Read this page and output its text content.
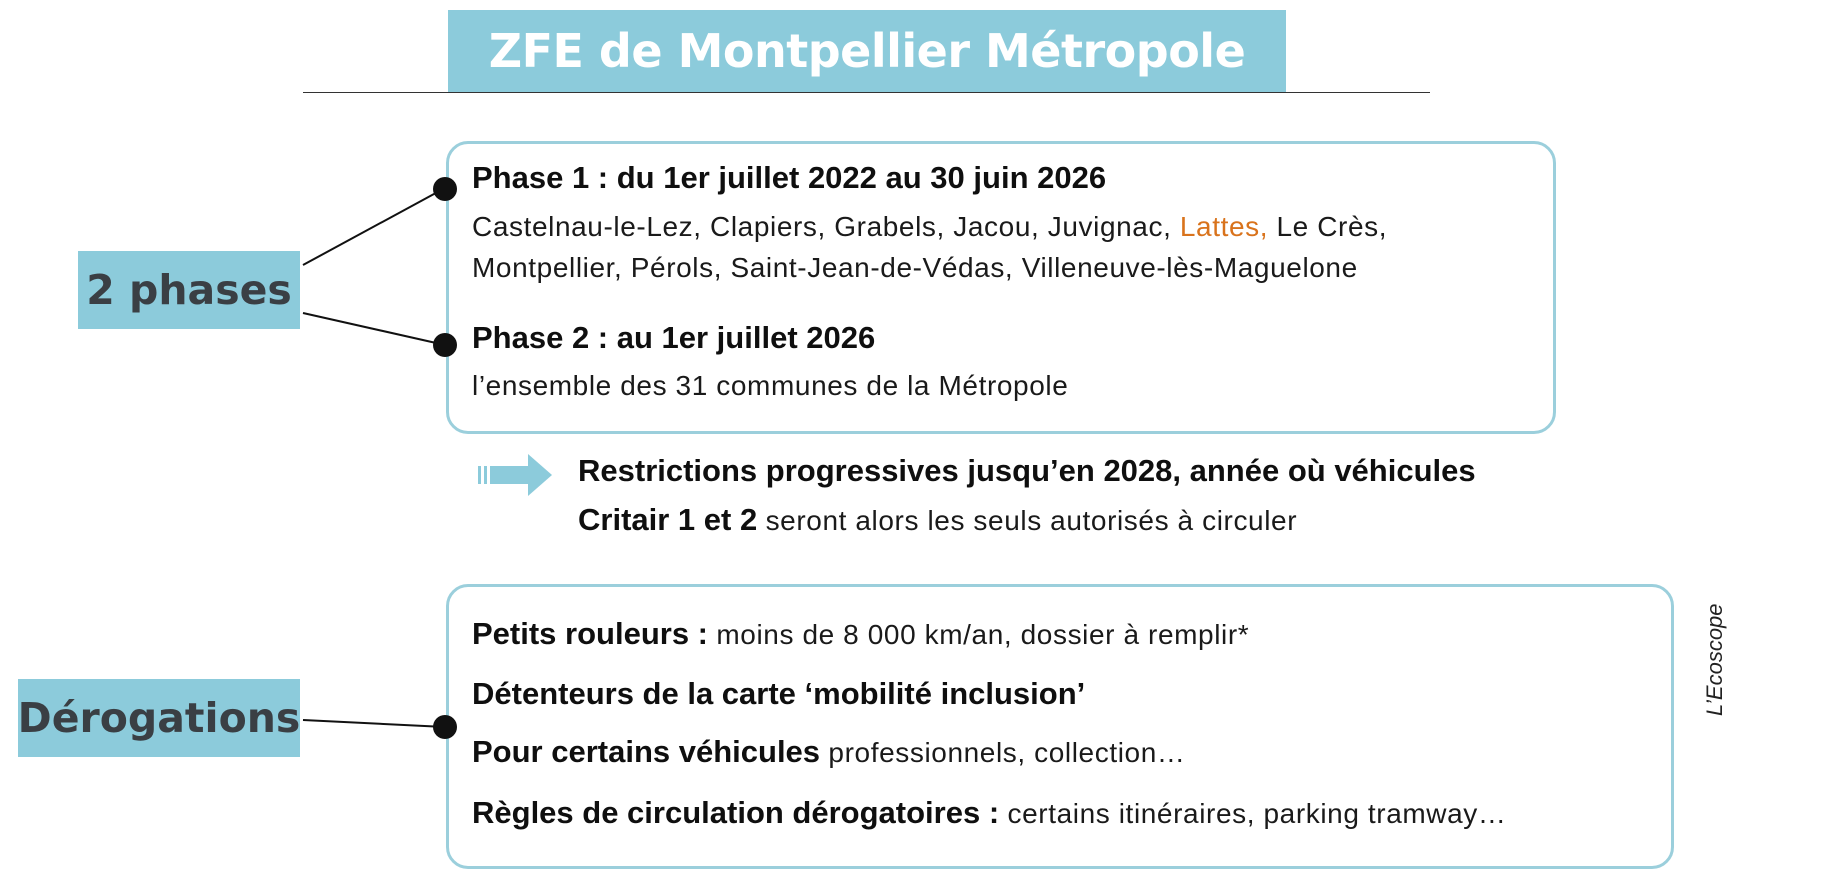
ZFE de Montpellier Métropole
2 phases
Dérogations
Phase 1 : du 1er juillet 2022 au 30 juin 2026
Castelnau-le-Lez, Clapiers, Grabels, Jacou, Juvignac, Lattes, Le Crès,
Montpellier, Pérols, Saint-Jean-de-Védas, Villeneuve-lès-Maguelone
Phase 2 : au 1er juillet 2026
l’ensemble des 31 communes de la Métropole
Restrictions progressives jusqu’en 2028, année où véhicules
Critair 1 et 2 seront alors les seuls autorisés à circuler
Petits rouleurs : moins de 8 000 km/an, dossier à remplir*
Détenteurs de la carte ‘mobilité inclusion’
Pour certains véhicules professionnels, collection…
Règles de circulation dérogatoires : certains itinéraires, parking tramway…
L’Ecoscope
